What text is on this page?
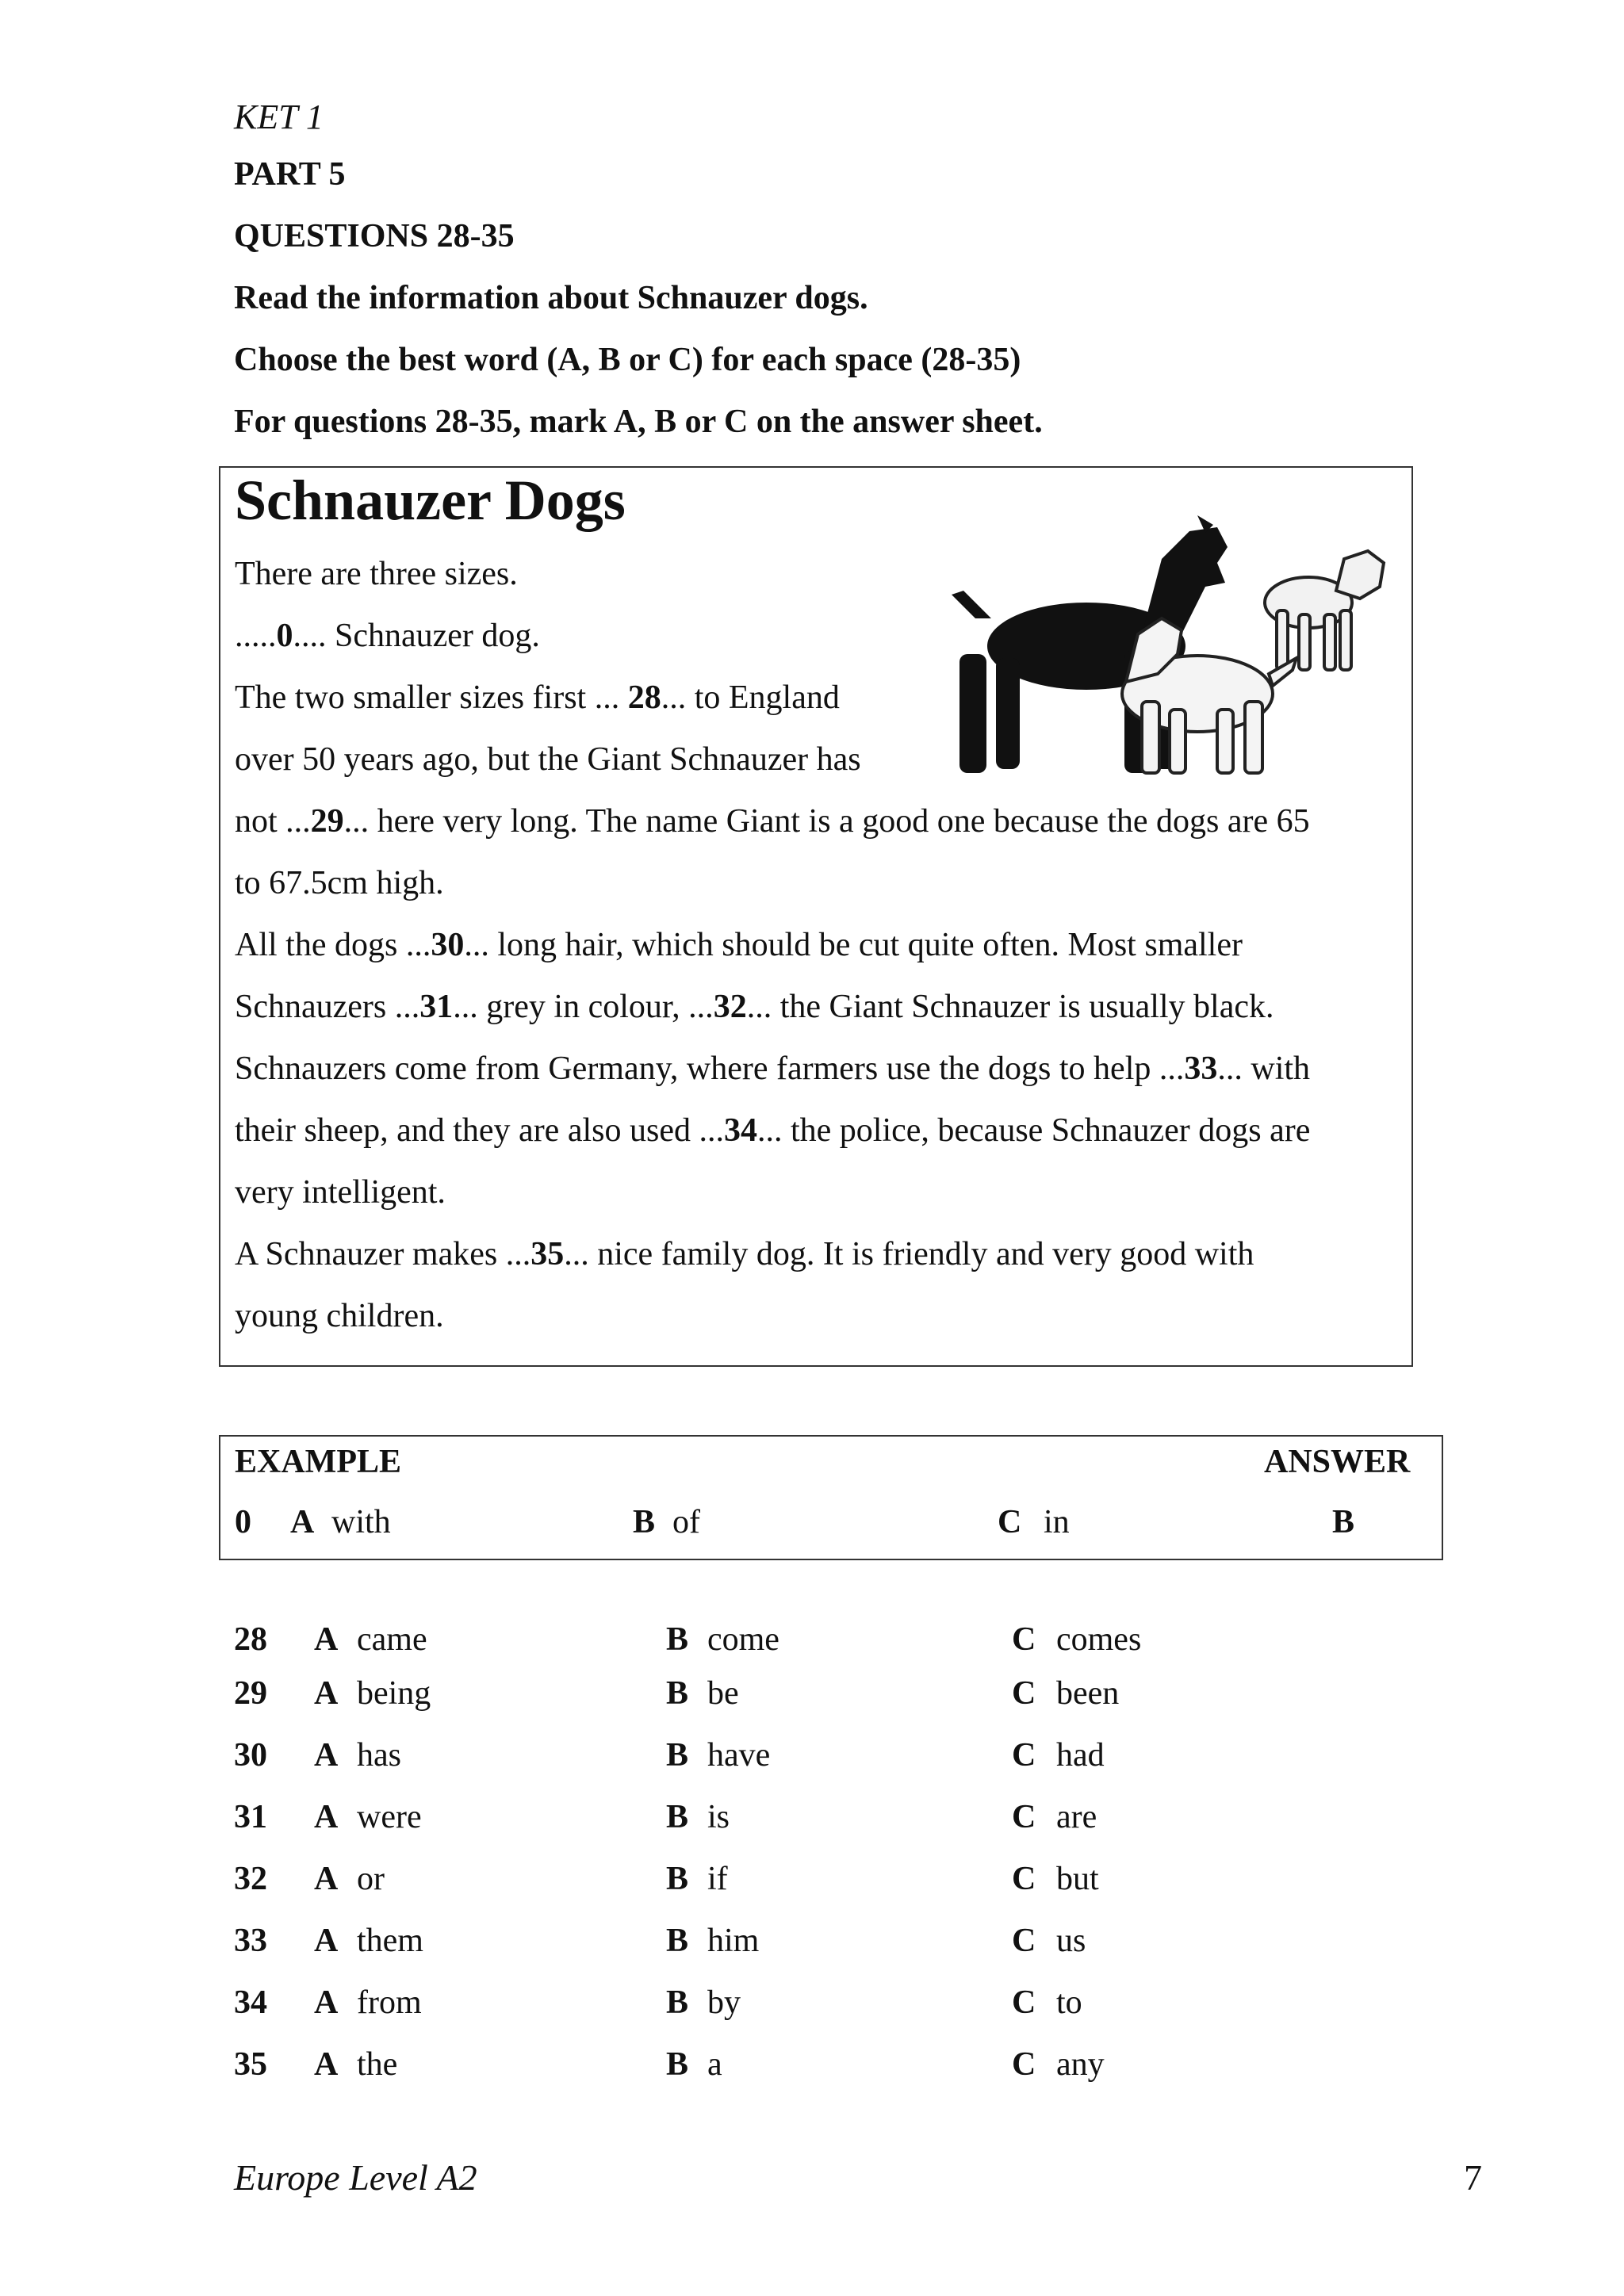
KET 1
PART 5
QUESTIONS 28-35
Read the information about Schnauzer dogs.
Choose the best word (A, B or C) for each space (28-35)
For questions 28-35, mark A, B or C on the answer sheet.
Schnauzer Dogs
There are three sizes.
.....0.... Schnauzer dog.
The two smaller sizes first ... 28... to England
over 50 years ago, but the Giant Schnauzer has
not ...29... here very long. The name Giant is a good one because the dogs are 65
to 67.5cm high.
All the dogs ...30... long hair, which should be cut quite often. Most smaller
Schnauzers ...31... grey in colour, ...32... the Giant Schnauzer is usually black.
Schnauzers come from Germany, where farmers use the dogs to help ...33... with
their sheep, and they are also used ...34... the police, because Schnauzer dogs are
very intelligent.
A Schnauzer makes ...35... nice family dog. It is friendly and very good with
young children.
EXAMPLE	ANSWER
0 A with	B of	C in	B
28 A came	B come	C comes
29 A being	B be	C been
30 A has	B have	C had
31 A were	B is	C are
32 A or	B if	C but
33 A them	B him	C us
34 A from	B by	C to
35 A the	B a	C any
Europe Level A2	7
